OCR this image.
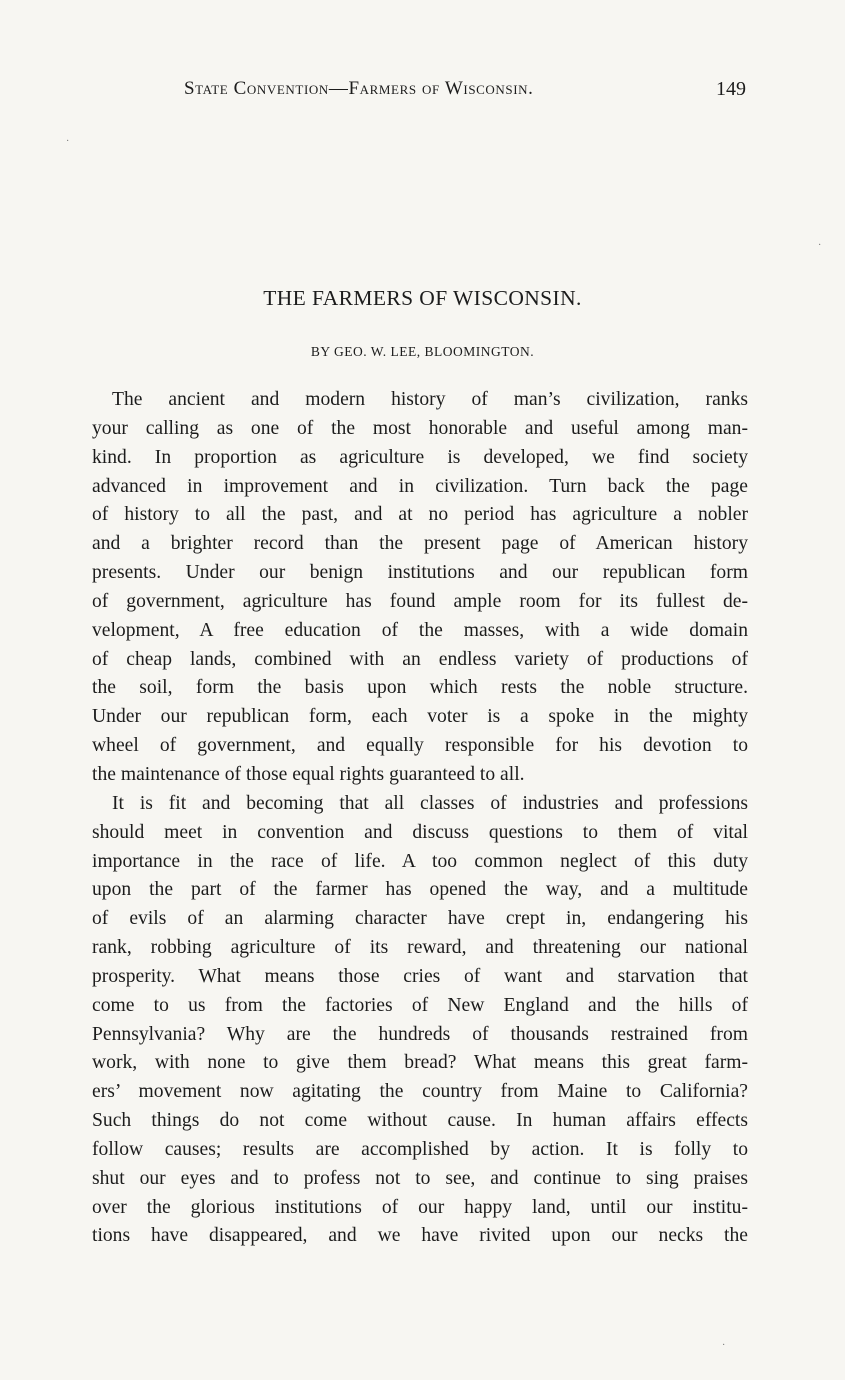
State Convention—Farmers of Wisconsin.	149
·
·
·
THE FARMERS OF WISCONSIN.
BY GEO. W. LEE, BLOOMINGTON.
The ancient and modern history of man’s civilization, ranks
your calling as one of the most honorable and useful among man-
kind. In proportion as agriculture is developed, we find society
advanced in improvement and in civilization. Turn back the page
of history to all the past, and at no period has agriculture a nobler
and a brighter record than the present page of American history
presents. Under our benign institutions and our republican form
of government, agriculture has found ample room for its fullest de-
velopment, A free education of the masses, with a wide domain
of cheap lands, combined with an endless variety of productions of
the soil, form the basis upon which rests the noble structure.
Under our republican form, each voter is a spoke in the mighty
wheel of government, and equally responsible for his devotion to
the maintenance of those equal rights guaranteed to all.
It is fit and becoming that all classes of industries and professions
should meet in convention and discuss questions to them of vital
importance in the race of life. A too common neglect of this duty
upon the part of the farmer has opened the way, and a multitude
of evils of an alarming character have crept in, endangering his
rank, robbing agriculture of its reward, and threatening our national
prosperity. What means those cries of want and starvation that
come to us from the factories of New England and the hills of
Pennsylvania? Why are the hundreds of thousands restrained from
work, with none to give them bread? What means this great farm-
ers’ movement now agitating the country from Maine to California?
Such things do not come without cause. In human affairs effects
follow causes; results are accomplished by action. It is folly to
shut our eyes and to profess not to see, and continue to sing praises
over the glorious institutions of our happy land, until our institu-
tions have disappeared, and we have rivited upon our necks the
